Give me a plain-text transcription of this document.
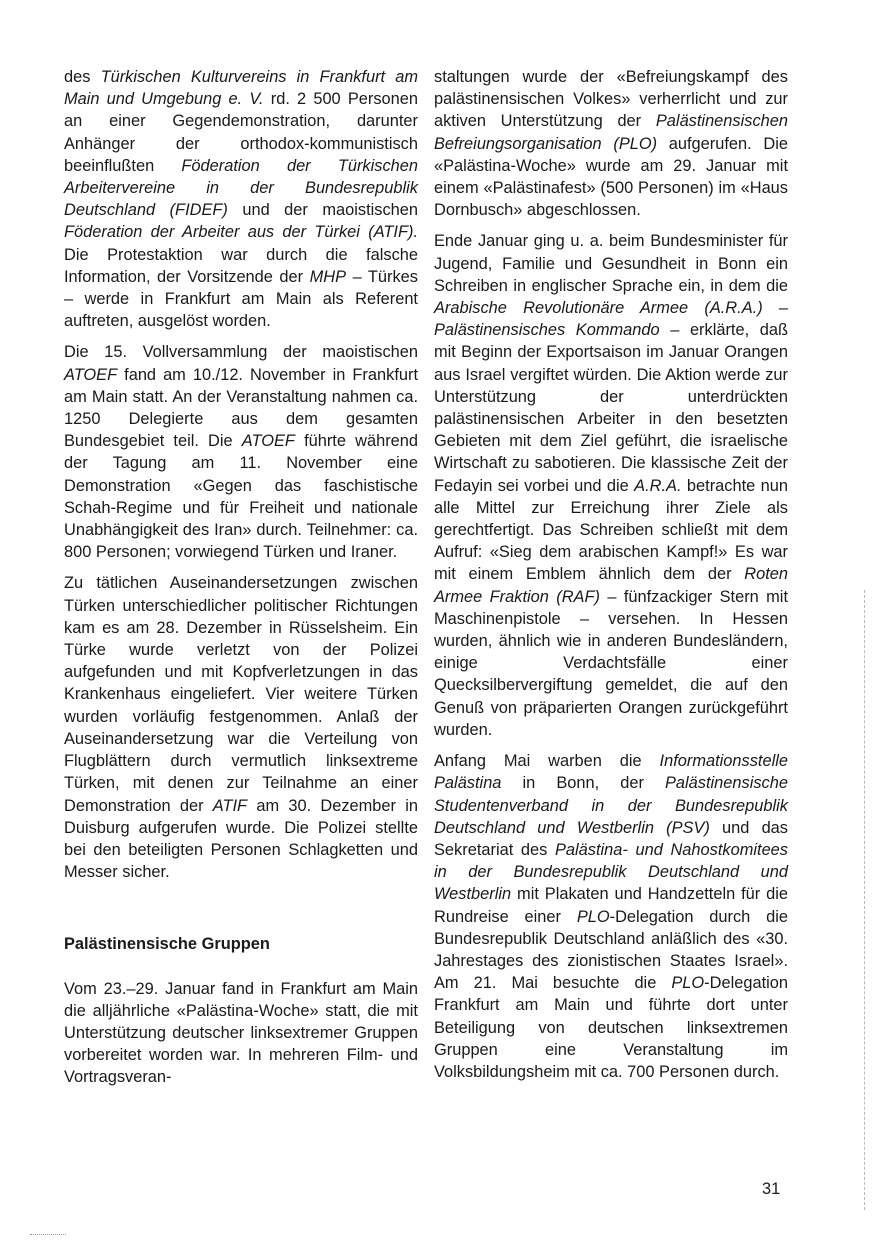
des Türkischen Kulturvereins in Frankfurt am Main und Umgebung e. V. rd. 2 500 Personen an einer Gegendemonstration, darunter Anhänger der orthodox-kommunistisch beeinflußten Föderation der Türkischen Arbeitervereine in der Bundesrepublik Deutschland (FIDEF) und der maoistischen Föderation der Arbeiter aus der Türkei (ATIF). Die Protestaktion war durch die falsche Information, der Vorsitzende der MHP – Türkes – werde in Frankfurt am Main als Referent auftreten, ausgelöst worden.

Die 15. Vollversammlung der maoistischen ATOEF fand am 10./12. November in Frankfurt am Main statt. An der Veranstaltung nahmen ca. 1250 Delegierte aus dem gesamten Bundesgebiet teil. Die ATOEF führte während der Tagung am 11. November eine Demonstration «Gegen das faschistische Schah-Regime und für Freiheit und nationale Unabhängigkeit des Iran» durch. Teilnehmer: ca. 800 Personen; vorwiegend Türken und Iraner.

Zu tätlichen Auseinandersetzungen zwischen Türken unterschiedlicher politischer Richtungen kam es am 28. Dezember in Rüsselsheim. Ein Türke wurde verletzt von der Polizei aufgefunden und mit Kopfverletzungen in das Krankenhaus eingeliefert. Vier weitere Türken wurden vorläufig festgenommen. Anlaß der Auseinandersetzung war die Verteilung von Flugblättern durch vermutlich linksextreme Türken, mit denen zur Teilnahme an einer Demonstration der ATIF am 30. Dezember in Duisburg aufgerufen wurde. Die Polizei stellte bei den beteiligten Personen Schlagketten und Messer sicher.

Palästinensische Gruppen

Vom 23.–29. Januar fand in Frankfurt am Main die alljährliche «Palästina-Woche» statt, die mit Unterstützung deutscher linksextremer Gruppen vorbereitet worden war. In mehreren Film- und Vortragsveran-

staltungen wurde der «Befreiungskampf des palästinensischen Volkes» verherrlicht und zur aktiven Unterstützung der Palästinensischen Befreiungsorganisation (PLO) aufgerufen. Die «Palästina-Woche» wurde am 29. Januar mit einem «Palästinafest» (500 Personen) im «Haus Dornbusch» abgeschlossen.

Ende Januar ging u. a. beim Bundesminister für Jugend, Familie und Gesundheit in Bonn ein Schreiben in englischer Sprache ein, in dem die Arabische Revolutionäre Armee (A.R.A.) – Palästinensisches Kommando – erklärte, daß mit Beginn der Exportsaison im Januar Orangen aus Israel vergiftet würden. Die Aktion werde zur Unterstützung der unterdrückten palästinensischen Arbeiter in den besetzten Gebieten mit dem Ziel geführt, die israelische Wirtschaft zu sabotieren. Die klassische Zeit der Fedayin sei vorbei und die A.R.A. betrachte nun alle Mittel zur Erreichung ihrer Ziele als gerechtfertigt. Das Schreiben schließt mit dem Aufruf: «Sieg dem arabischen Kampf!» Es war mit einem Emblem ähnlich dem der Roten Armee Fraktion (RAF) – fünfzackiger Stern mit Maschinenpistole – versehen. In Hessen wurden, ähnlich wie in anderen Bundesländern, einige Verdachtsfälle einer Quecksilbervergiftung gemeldet, die auf den Genuß von präparierten Orangen zurückgeführt wurden.

Anfang Mai warben die Informationsstelle Palästina in Bonn, der Palästinensische Studentenverband in der Bundesrepublik Deutschland und Westberlin (PSV) und das Sekretariat des Palästina- und Nahostkomitees in der Bundesrepublik Deutschland und Westberlin mit Plakaten und Handzetteln für die Rundreise einer PLO-Delegation durch die Bundesrepublik Deutschland anläßlich des «30. Jahrestages des zionistischen Staates Israel». Am 21. Mai besuchte die PLO-Delegation Frankfurt am Main und führte dort unter Beteiligung von deutschen linksextremen Gruppen eine Veranstaltung im Volksbildungsheim mit ca. 700 Personen durch.

31
